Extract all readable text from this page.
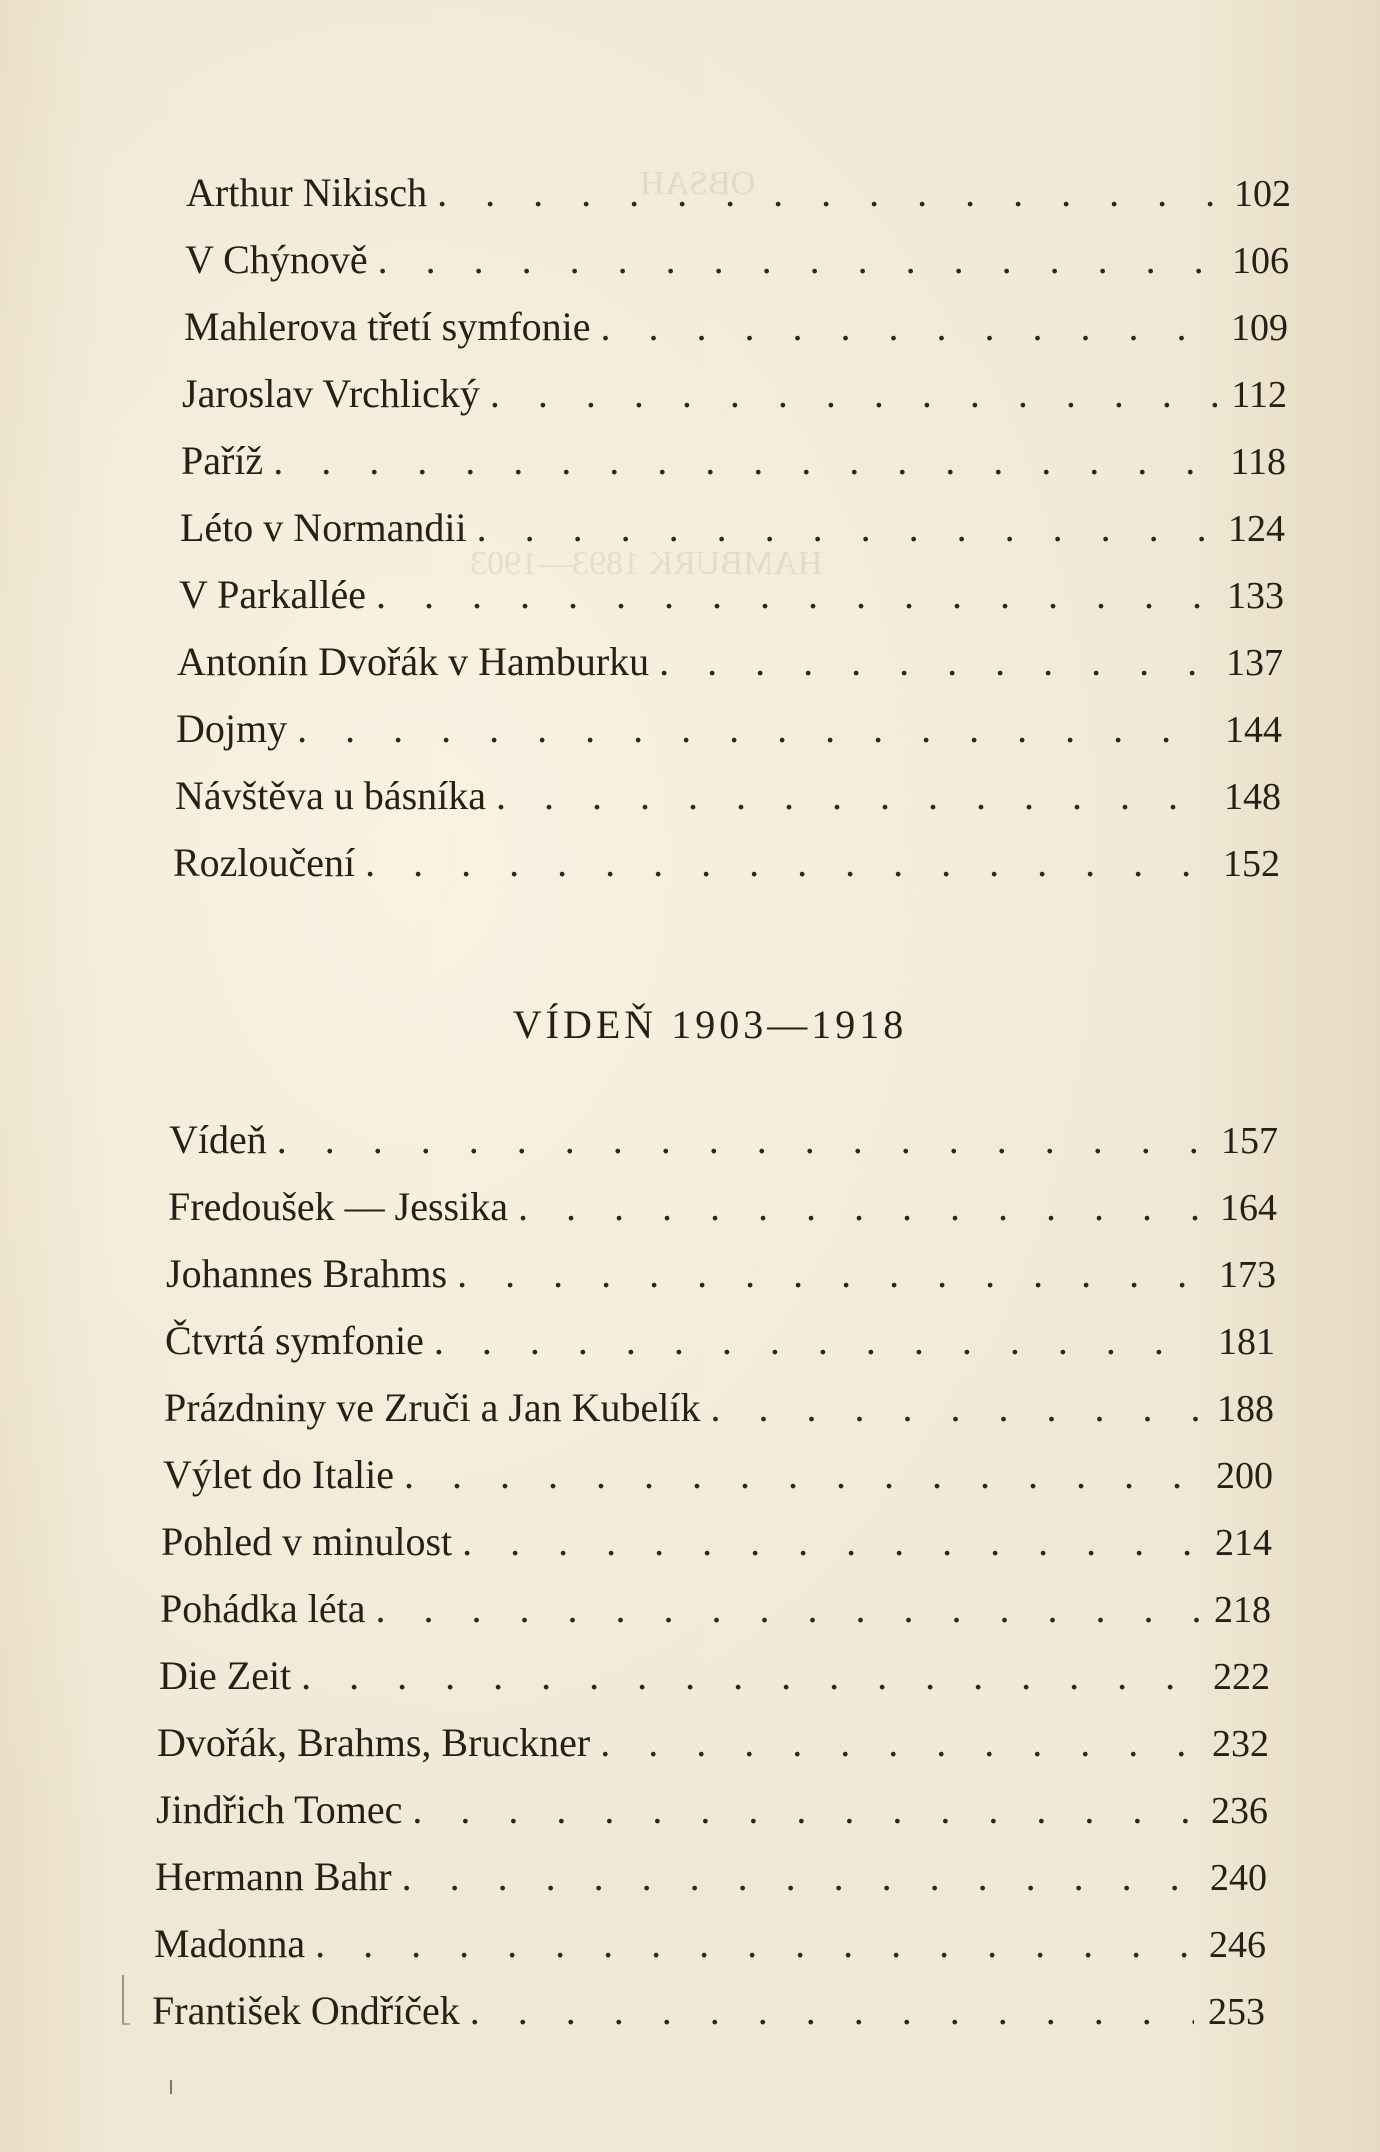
OBSAH
HAMBURK 1893—1903
Arthur Nikisch . . .	102
V Chýnově . . .	106
Mahlerova třetí symfonie . . .	109
Jaroslav Vrchlický . . .	112
Paříž . . .	118
Léto v Normandii . . .	124
V Parkallée . . .	133
Antonín Dvořák v Hamburku . . .	137
Dojmy . . .	144
Návštěva u básníka . . .	148
Rozloučení . . .	152
VÍDEŇ 1903—1918
Vídeň . . .	157
Fredoušek — Jessika . . .	164
Johannes Brahms . . .	173
Čtvrtá symfonie . . .	181
Prázdniny ve Zruči a Jan Kubelík . . .	188
Výlet do Italie . . .	200
Pohled v minulost . . .	214
Pohádka léta . . .	218
Die Zeit . . .	222
Dvořák, Brahms, Bruckner . . .	232
Jindřich Tomec . . .	236
Hermann Bahr . . .	240
Madonna . . .	246
František Ondříček . . .	253
